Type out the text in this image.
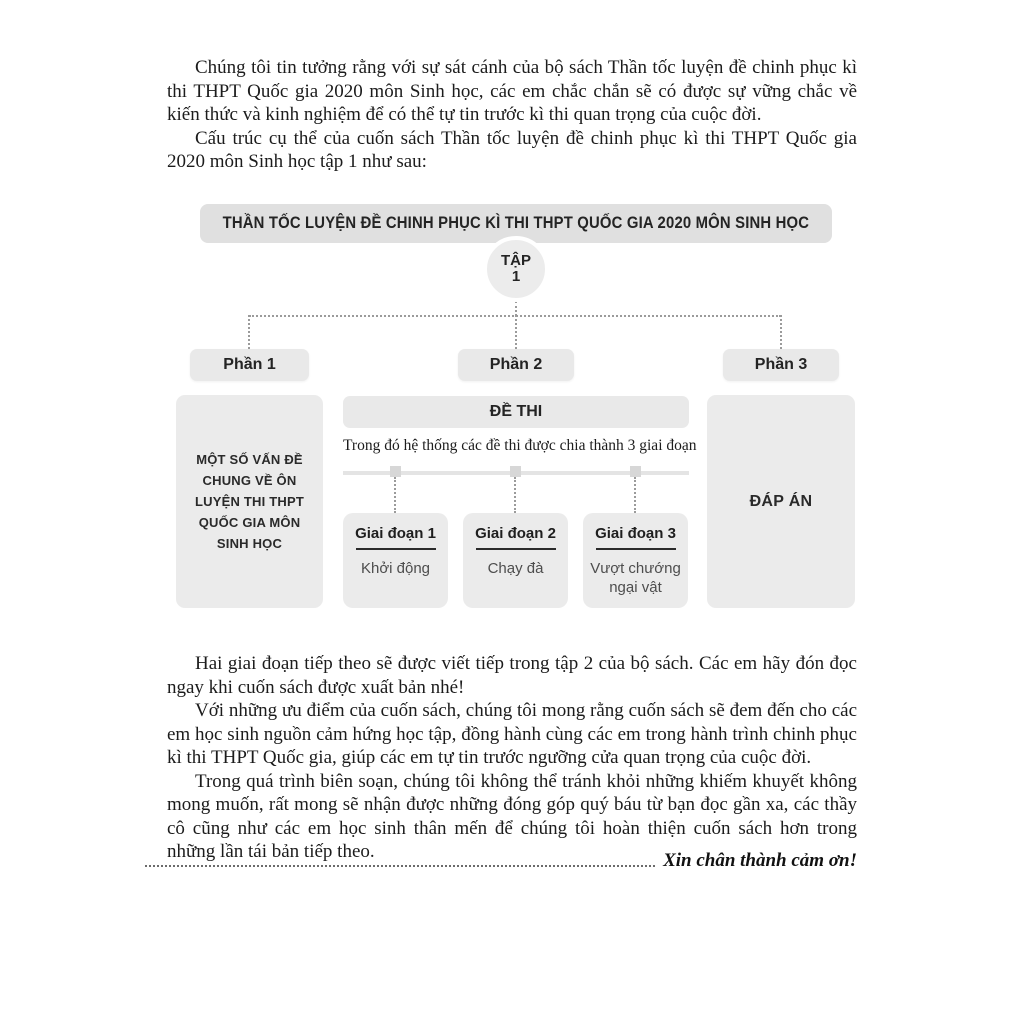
Chúng tôi tin tưởng rằng với sự sát cánh của bộ sách Thần tốc luyện đề chinh phục kì thi THPT Quốc gia 2020 môn Sinh học, các em chắc chắn sẽ có được sự vững chắc về kiến thức và kinh nghiệm để có thể tự tin trước kì thi quan trọng của cuộc đời.

Cấu trúc cụ thể của cuốn sách Thần tốc luyện đề chinh phục kì thi THPT Quốc gia 2020 môn Sinh học tập 1 như sau:

THẦN TỐC LUYỆN ĐỀ CHINH PHỤC KÌ THI THPT QUỐC GIA 2020 MÔN SINH HỌC
TẬP
1
Phần 1	Phần 2	Phần 3
MỘT SỐ VẤN ĐỀ CHUNG VỀ ÔN LUYỆN THI THPT QUỐC GIA MÔN SINH HỌC
ĐỀ THI
Trong đó hệ thống các đề thi được chia thành 3 giai đoạn
Giai đoạn 1
Khởi động
Giai đoạn 2
Chạy đà
Giai đoạn 3
Vượt chướng ngại vật
ĐÁP ÁN

Hai giai đoạn tiếp theo sẽ được viết tiếp trong tập 2 của bộ sách. Các em hãy đón đọc ngay khi cuốn sách được xuất bản nhé!

Với những ưu điểm của cuốn sách, chúng tôi mong rằng cuốn sách sẽ đem đến cho các em học sinh nguồn cảm hứng học tập, đồng hành cùng các em trong hành trình chinh phục kì thi THPT Quốc gia, giúp các em tự tin trước ngưỡng cửa quan trọng của cuộc đời.

Trong quá trình biên soạn, chúng tôi không thể tránh khỏi những khiếm khuyết không mong muốn, rất mong sẽ nhận được những đóng góp quý báu từ bạn đọc gần xa, các thầy cô cũng như các em học sinh thân mến để chúng tôi hoàn thiện cuốn sách hơn trong những lần tái bản tiếp theo.	Xin chân thành cảm ơn!
